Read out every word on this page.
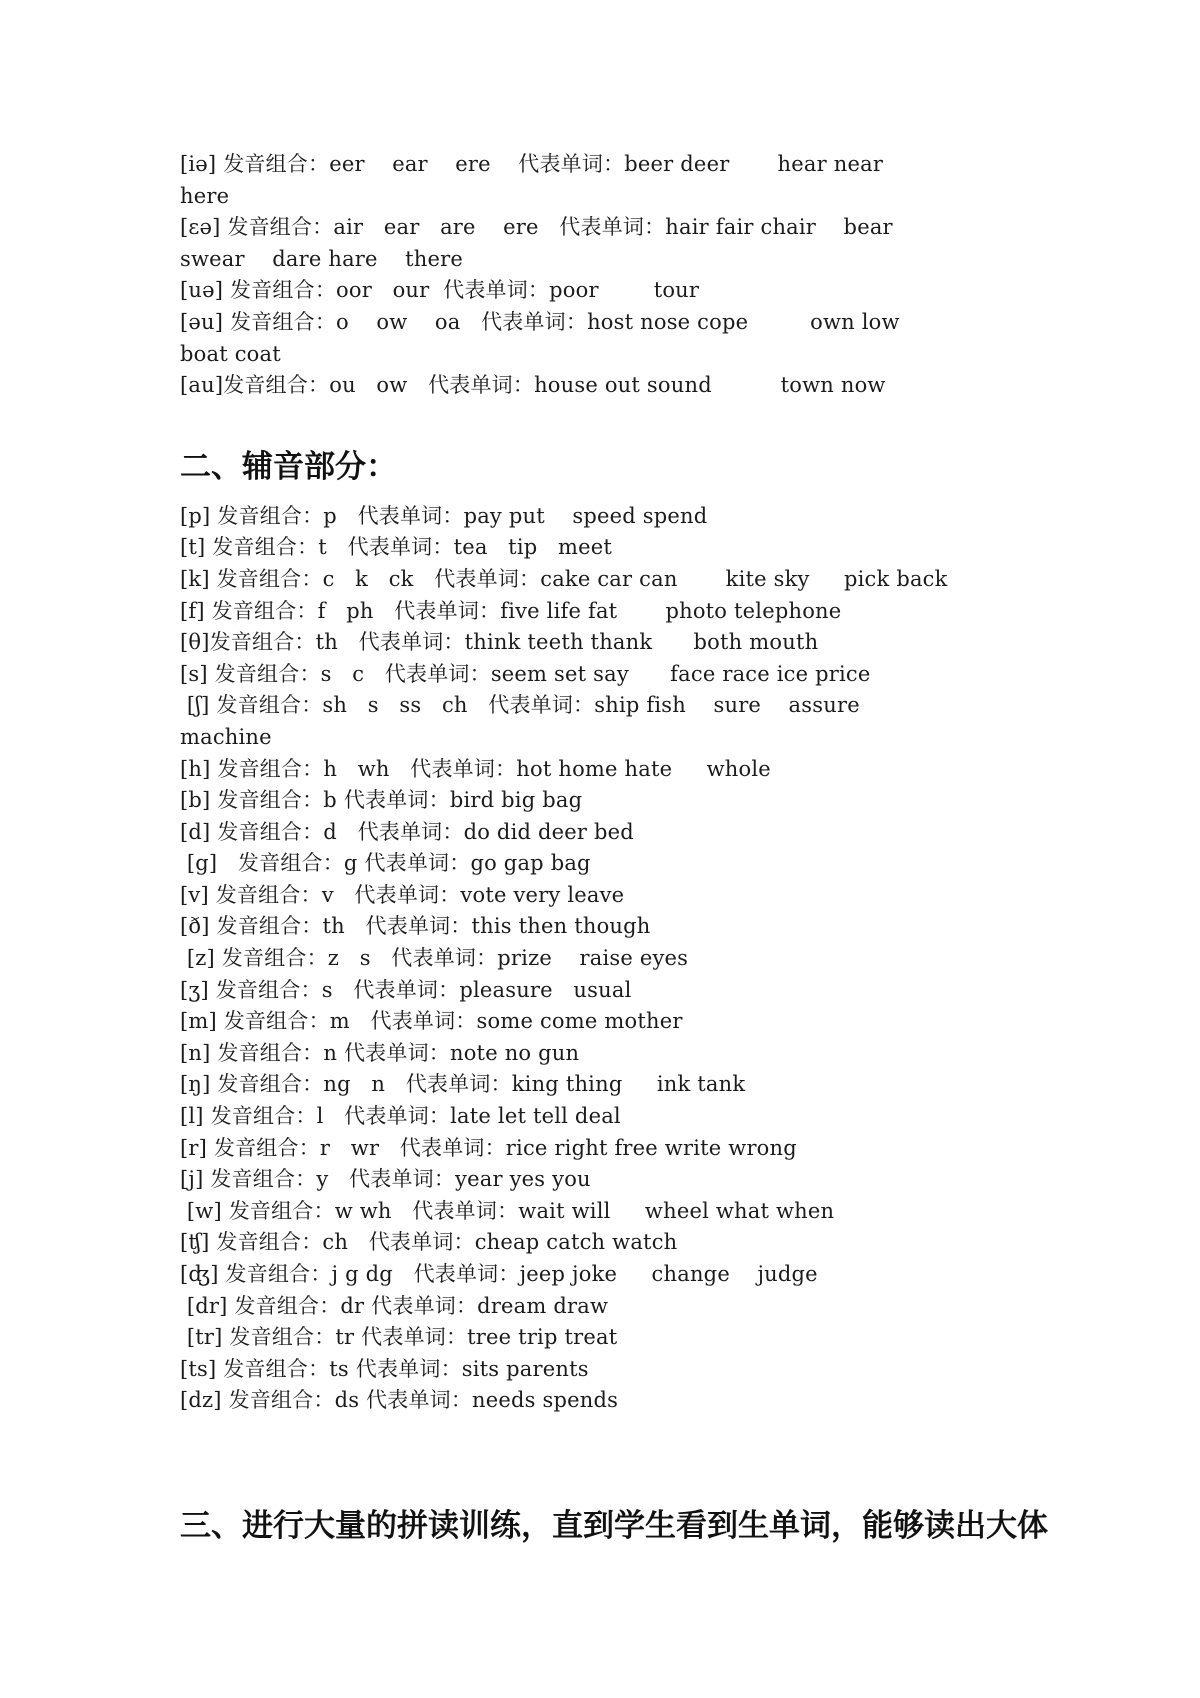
[iə] 发音组合：eer    ear    ere    代表单词：beer deer       hear near
here
[ɛə] 发音组合：air   ear   are    ere   代表单词：hair fair chair    bear
swear    dare hare    there
[uə] 发音组合：oor   our  代表单词：poor        tour
[əu] 发音组合：o    ow    oa   代表单词：host nose cope         own low
boat coat
[au]发音组合：ou   ow   代表单词：house out sound          town now
二、辅音部分：
[p] 发音组合：p   代表单词：pay put    speed spend
[t] 发音组合：t   代表单词：tea   tip   meet
[k] 发音组合：c   k   ck   代表单词：cake car can       kite sky     pick back
[f] 发音组合：f   ph   代表单词：five life fat       photo telephone
[θ]发音组合：th   代表单词：think teeth thank      both mouth
[s] 发音组合：s   c   代表单词：seem set say      face race ice price
[ʃ] 发音组合：sh   s   ss   ch   代表单词：ship fish    sure    assure
machine
[h] 发音组合：h   wh   代表单词：hot home hate     whole
[b] 发音组合：b 代表单词：bird big bag
[d] 发音组合：d   代表单词：do did deer bed
[g]   发音组合：g 代表单词：go gap bag
[v] 发音组合：v   代表单词：vote very leave
[ð] 发音组合：th   代表单词：this then though
[z] 发音组合：z   s   代表单词：prize    raise eyes
[ʒ] 发音组合：s   代表单词：pleasure   usual
[m] 发音组合：m   代表单词：some come mother
[n] 发音组合：n 代表单词：note no gun
[ŋ] 发音组合：ng   n   代表单词：king thing     ink tank
[l] 发音组合：l   代表单词：late let tell deal
[r] 发音组合：r   wr   代表单词：rice right free write wrong
[j] 发音组合：y   代表单词：year yes you
[w] 发音组合：w wh   代表单词：wait will     wheel what when
[ʧ] 发音组合：ch   代表单词：cheap catch watch
[ʤ] 发音组合：j g dg   代表单词：jeep joke     change    judge
[dr] 发音组合：dr 代表单词：dream draw
[tr] 发音组合：tr 代表单词：tree trip treat
[ts] 发音组合：ts 代表单词：sits parents
[dz] 发音组合：ds 代表单词：needs spends
三、进行大量的拼读训练，直到学生看到生单词，能够读出大体
